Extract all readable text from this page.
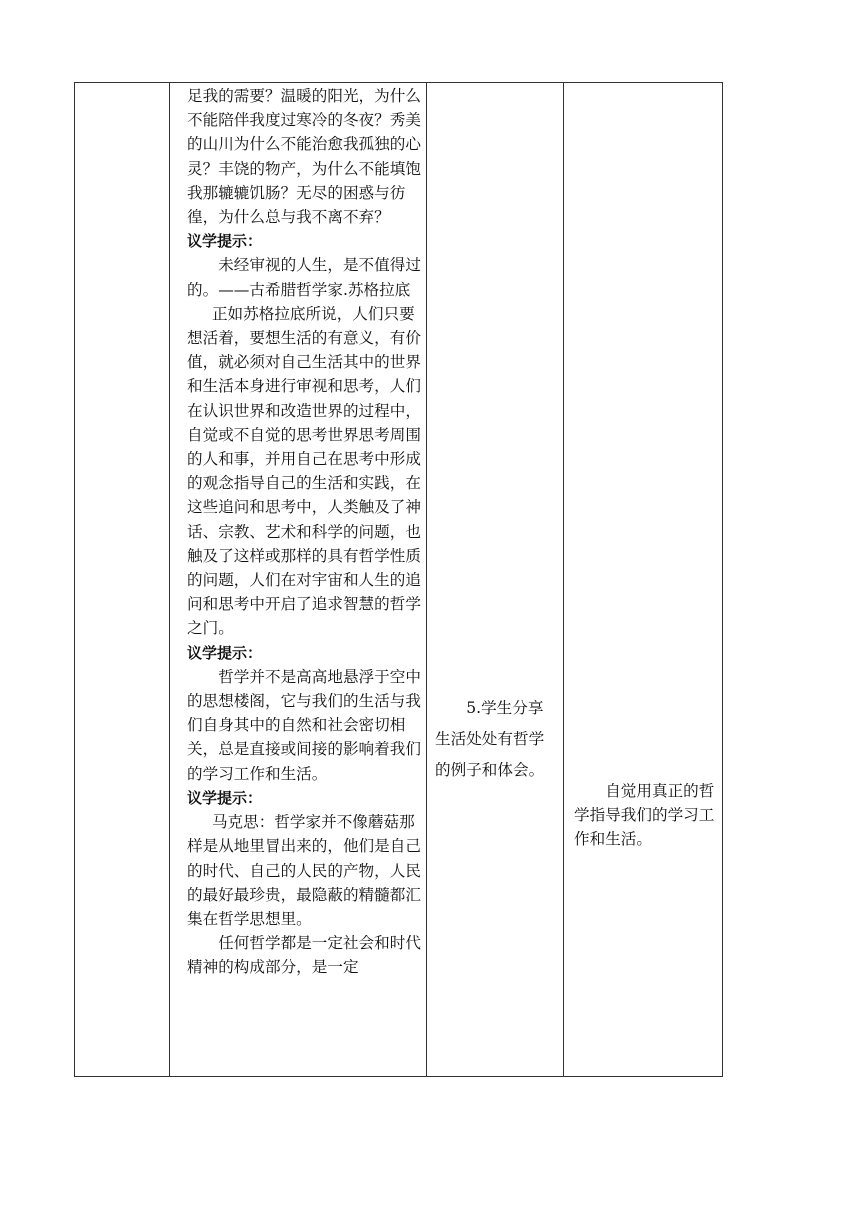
足我的需要？温暖的阳光，为什么不能陪伴我度过寒冷的冬夜？秀美的山川为什么不能治愈我孤独的心灵？丰饶的物产，为什么不能填饱我那辘辘饥肠？无尽的困惑与彷徨，为什么总与我不离不弃？

议学提示：

未经审视的人生，是不值得过的。——古希腊哲学家.苏格拉底

正如苏格拉底所说，人们只要想活着，要想生活的有意义，有价值，就必须对自己生活其中的世界和生活本身进行审视和思考，人们在认识世界和改造世界的过程中，自觉或不自觉的思考世界思考周围的人和事，并用自己在思考中形成的观念指导自己的生活和实践，在这些追问和思考中，人类触及了神话、宗教、艺术和科学的问题，也触及了这样或那样的具有哲学性质的问题，人们在对宇宙和人生的追问和思考中开启了追求智慧的哲学之门。

议学提示：

哲学并不是高高地悬浮于空中的思想楼阁，它与我们的生活与我们自身其中的自然和社会密切相关，总是直接或间接的影响着我们的学习工作和生活。

议学提示：

马克思：哲学家并不像蘑菇那样是从地里冒出来的，他们是自己的时代、自己的人民的产物，人民的最好最珍贵，最隐蔽的精髓都汇集在哲学思想里。

任何哲学都是一定社会和时代精神的构成部分，是一定

5.学生分享生活处处有哲学的例子和体会。

自觉用真正的哲学指导我们的学习工作和生活。
